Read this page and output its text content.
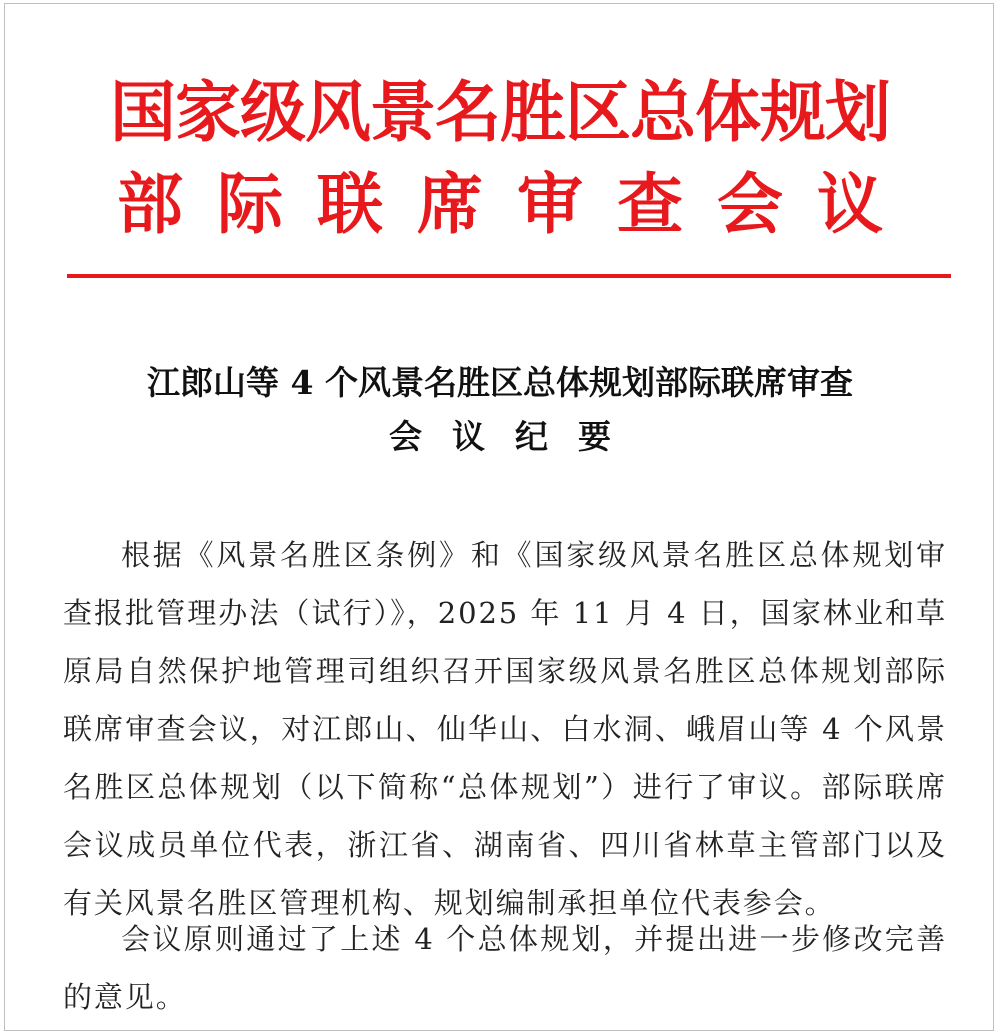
国家级风景名胜区总体规划
部际联席审查会议
江郎山等 4 个风景名胜区总体规划部际联席审查
会议纪要

根据《风景名胜区条例》和《国家级风景名胜区总体规划审查报批管理办法（试行）》，2025 年 11 月 4 日，国家林业和草原局自然保护地管理司组织召开国家级风景名胜区总体规划部际联席审查会议，对江郎山、仙华山、白水洞、峨眉山等 4 个风景名胜区总体规划（以下简称“总体规划”）进行了审议。部际联席会议成员单位代表，浙江省、湖南省、四川省林草主管部门以及有关风景名胜区管理机构、规划编制承担单位代表参会。

会议原则通过了上述 4 个总体规划，并提出进一步修改完善的意见。
